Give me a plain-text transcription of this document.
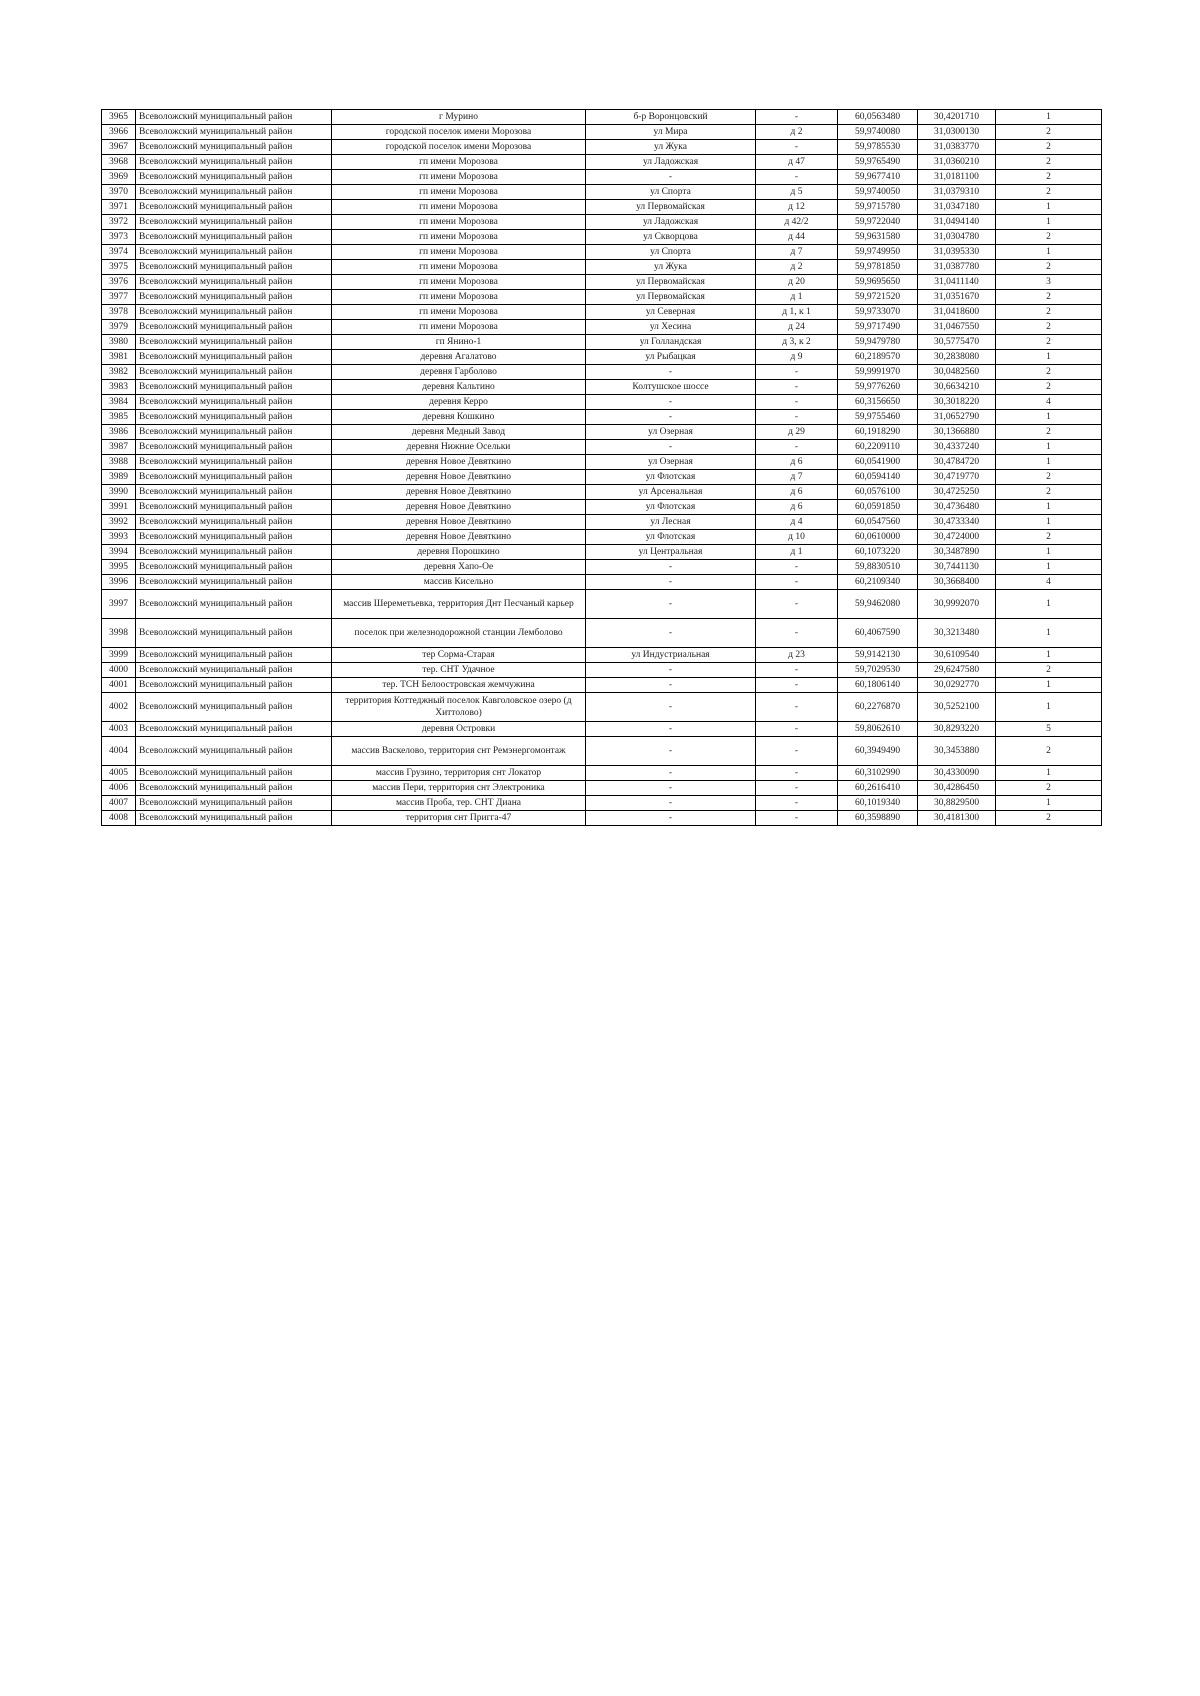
3965	Всеволожский муниципальный район	г Мурино	б-р Воронцовский	-	60,0563480	30,4201710	1
3966	Всеволожский муниципальный район	городской поселок имени Морозова	ул Мира	д 2	59,9740080	31,0300130	2
3967	Всеволожский муниципальный район	городской поселок имени Морозова	ул Жука	-	59,9785530	31,0383770	2
3968	Всеволожский муниципальный район	гп имени Морозова	ул Ладожская	д 47	59,9765490	31,0360210	2
3969	Всеволожский муниципальный район	гп имени Морозова	-	-	59,9677410	31,0181100	2
3970	Всеволожский муниципальный район	гп имени Морозова	ул Спорта	д 5	59,9740050	31,0379310	2
3971	Всеволожский муниципальный район	гп имени Морозова	ул Первомайская	д 12	59,9715780	31,0347180	1
3972	Всеволожский муниципальный район	гп имени Морозова	ул Ладожская	д 42/2	59,9722040	31,0494140	1
3973	Всеволожский муниципальный район	гп имени Морозова	ул Скворцова	д 44	59,9631580	31,0304780	2
3974	Всеволожский муниципальный район	гп имени Морозова	ул Спорта	д 7	59,9749950	31,0395330	1
3975	Всеволожский муниципальный район	гп имени Морозова	ул Жука	д 2	59,9781850	31,0387780	2
3976	Всеволожский муниципальный район	гп имени Морозова	ул Первомайская	д 20	59,9695650	31,0411140	3
3977	Всеволожский муниципальный район	гп имени Морозова	ул Первомайская	д 1	59,9721520	31,0351670	2
3978	Всеволожский муниципальный район	гп имени Морозова	ул Северная	д 1, к 1	59,9733070	31,0418600	2
3979	Всеволожский муниципальный район	гп имени Морозова	ул Хесина	д 24	59,9717490	31,0467550	2
3980	Всеволожский муниципальный район	гп Янино-1	ул Голландская	д 3, к 2	59,9479780	30,5775470	2
3981	Всеволожский муниципальный район	деревня Агалатово	ул Рыбацкая	д 9	60,2189570	30,2838080	1
3982	Всеволожский муниципальный район	деревня Гарболово	-	-	59,9991970	30,0482560	2
3983	Всеволожский муниципальный район	деревня Кальтино	Колтушское шоссе	-	59,9776260	30,6634210	2
3984	Всеволожский муниципальный район	деревня Керро	-	-	60,3156650	30,3018220	4
3985	Всеволожский муниципальный район	деревня Кошкино	-	-	59,9755460	31,0652790	1
3986	Всеволожский муниципальный район	деревня Медный Завод	ул Озерная	д 29	60,1918290	30,1366880	2
3987	Всеволожский муниципальный район	деревня Нижние Осельки	-	-	60,2209110	30,4337240	1
3988	Всеволожский муниципальный район	деревня Новое Девяткино	ул Озерная	д 6	60,0541900	30,4784720	1
3989	Всеволожский муниципальный район	деревня Новое Девяткино	ул Флотская	д 7	60,0594140	30,4719770	2
3990	Всеволожский муниципальный район	деревня Новое Девяткино	ул Арсенальная	д 6	60,0576100	30,4725250	2
3991	Всеволожский муниципальный район	деревня Новое Девяткино	ул Флотская	д 6	60,0591850	30,4736480	1
3992	Всеволожский муниципальный район	деревня Новое Девяткино	ул Лесная	д 4	60,0547560	30,4733340	1
3993	Всеволожский муниципальный район	деревня Новое Девяткино	ул Флотская	д 10	60,0610000	30,4724000	2
3994	Всеволожский муниципальный район	деревня Порошкино	ул Центральная	д 1	60,1073220	30,3487890	1
3995	Всеволожский муниципальный район	деревня Хапо-Ое	-	-	59,8830510	30,7441130	1
3996	Всеволожский муниципальный район	массив Кисельно	-	-	60,2109340	30,3668400	4
3997	Всеволожский муниципальный район	массив Шереметьевка, территория Днт Песчаный карьер	-	-	59,9462080	30,9992070	1
3998	Всеволожский муниципальный район	поселок при железнодорожной станции Лемболово	-	-	60,4067590	30,3213480	1
3999	Всеволожский муниципальный район	тер Сорма-Старая	ул Индустриальная	д 23	59,9142130	30,6109540	1
4000	Всеволожский муниципальный район	тер. СНТ Удачное	-	-	59,7029530	29,6247580	2
4001	Всеволожский муниципальный район	тер. ТСН Белоостровская жемчужина	-	-	60,1806140	30,0292770	1
4002	Всеволожский муниципальный район	территория Коттеджный поселок Кавголовское озеро (д Хиттолово)	-	-	60,2276870	30,5252100	1
4003	Всеволожский муниципальный район	деревня Островки	-	-	59,8062610	30,8293220	5
4004	Всеволожский муниципальный район	массив Васкелово, территория снт Ремэнергомонтаж	-	-	60,3949490	30,3453880	2
4005	Всеволожский муниципальный район	массив Грузино, территория снт Локатор	-	-	60,3102990	30,4330090	1
4006	Всеволожский муниципальный район	массив Пери, территория снт Электроника	-	-	60,2616410	30,4286450	2
4007	Всеволожский муниципальный район	массив Проба, тер. СНТ Диана	-	-	60,1019340	30,8829500	1
4008	Всеволожский муниципальный район	территория снт Пригга-47	-	-	60,3598890	30,4181300	2
